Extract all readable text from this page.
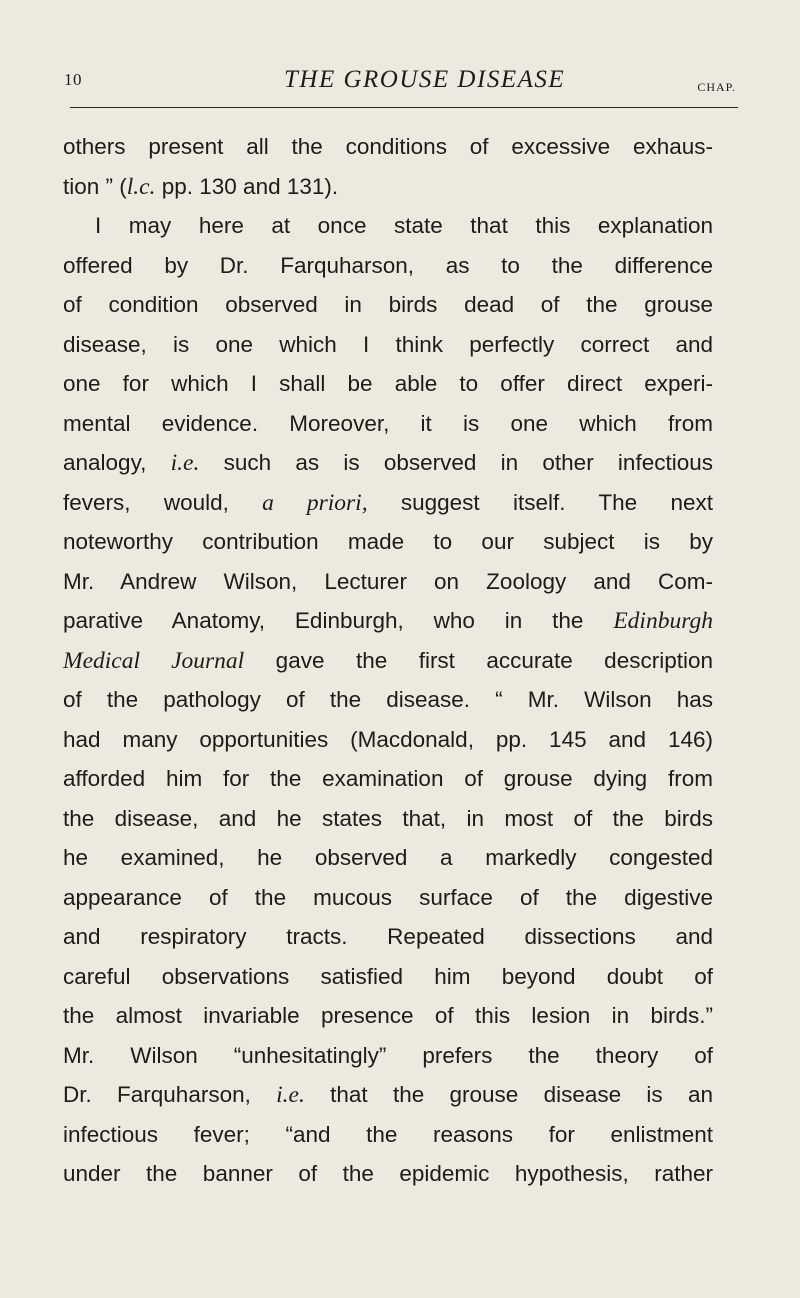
10	THE GROUSE DISEASE	CHAP.
others present all the conditions of excessive exhaus-
tion ” (l.c. pp. 130 and 131).
I may here at once state that this explanation
offered by Dr. Farquharson, as to the difference
of condition observed in birds dead of the grouse
disease, is one which I think perfectly correct and
one for which I shall be able to offer direct experi-
mental evidence. Moreover, it is one which from
analogy, i.e. such as is observed in other infectious
fevers, would, a priori, suggest itself. The next
noteworthy contribution made to our subject is by
Mr. Andrew Wilson, Lecturer on Zoology and Com-
parative Anatomy, Edinburgh, who in the Edinburgh
Medical Journal gave the first accurate description
of the pathology of the disease. “ Mr. Wilson has
had many opportunities (Macdonald, pp. 145 and 146)
afforded him for the examination of grouse dying from
the disease, and he states that, in most of the birds
he examined, he observed a markedly congested
appearance of the mucous surface of the digestive
and respiratory tracts. Repeated dissections and
careful observations satisfied him beyond doubt of
the almost invariable presence of this lesion in birds.”
Mr. Wilson “unhesitatingly” prefers the theory of
Dr. Farquharson, i.e. that the grouse disease is an
infectious fever; “and the reasons for enlistment
under the banner of the epidemic hypothesis, rather
